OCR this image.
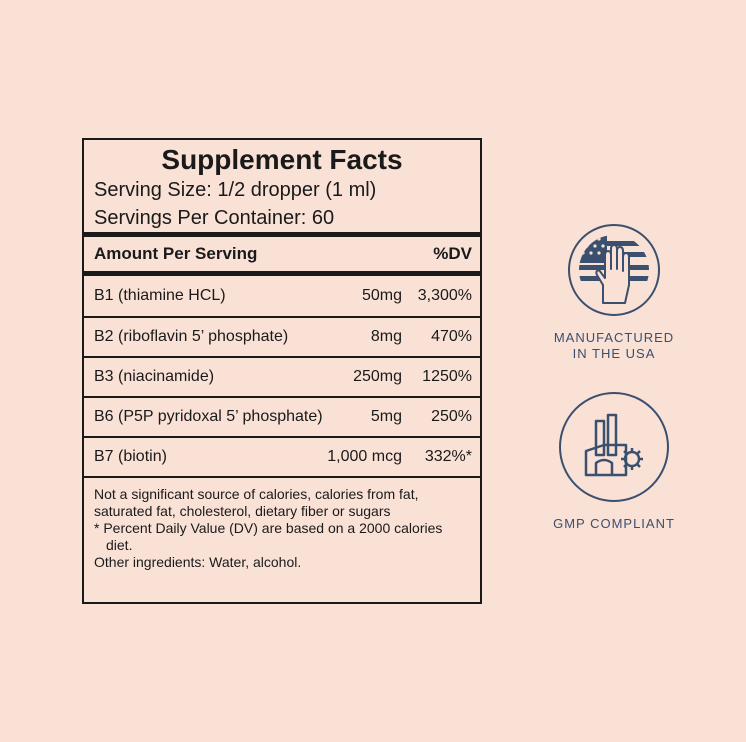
Supplement Facts
Serving Size: 1/2 dropper (1 ml)
Servings Per Container: 60
Amount Per Serving	%DV
B1 (thiamine HCL)	50mg 3,300%
B2 (riboflavin 5’ phosphate)	8mg	470%
B3 (niacinamide)	250mg	1250%
B6 (P5P pyridoxal 5’ phosphate)	5mg	250%
B7 (biotin)	1,000 mcg	332%*
Not a significant source of calories, calories from fat, saturated fat, cholesterol, dietary fiber or sugars
* Percent Daily Value (DV) are based on a 2000 calories diet.
Other ingredients: Water, alcohol.
MANUFACTURED
IN THE USA
GMP COMPLIANT
